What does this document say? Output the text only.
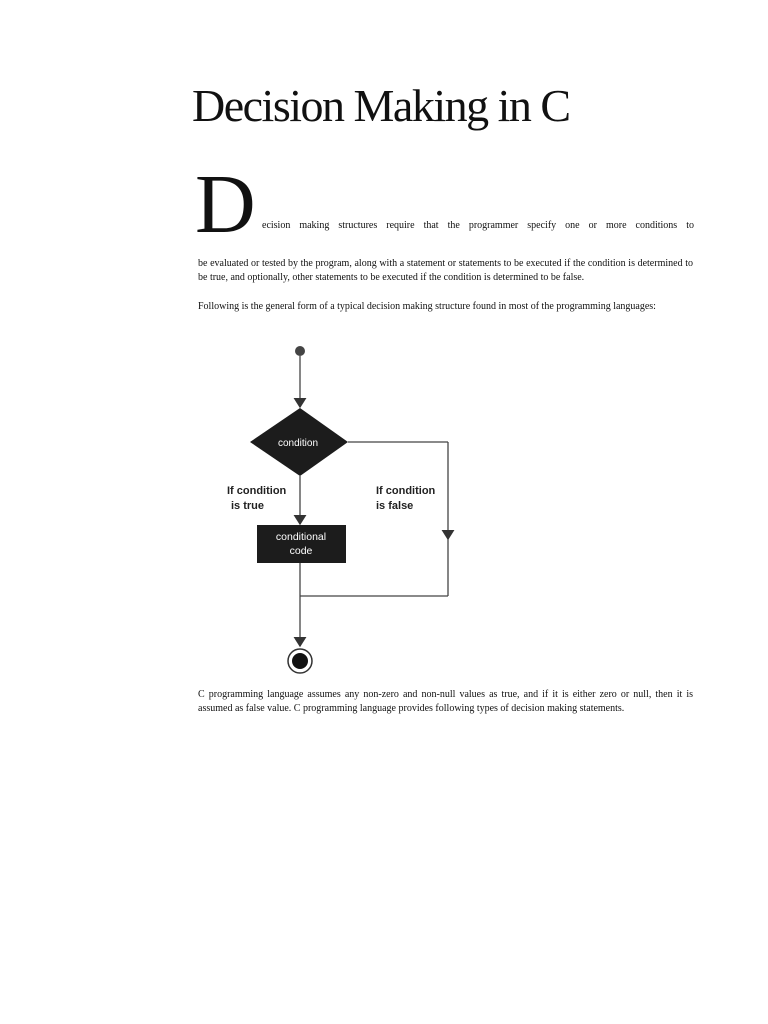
Decision Making in C
D ecision making structures require that the programmer specify one or more conditions to
be evaluated or tested by the program, along with a statement or statements to be executed if the condition is determined to be true, and optionally, other statements to be executed if the condition is determined to be false.
Following is the general form of a typical decision making structure found in most of the programming languages:
condition
If condition
is true
If condition
is false
conditional
code
C programming language assumes any non-zero and non-null values as true, and if it is either zero or null, then it is assumed as false value. C programming language provides following types of decision making statements.
